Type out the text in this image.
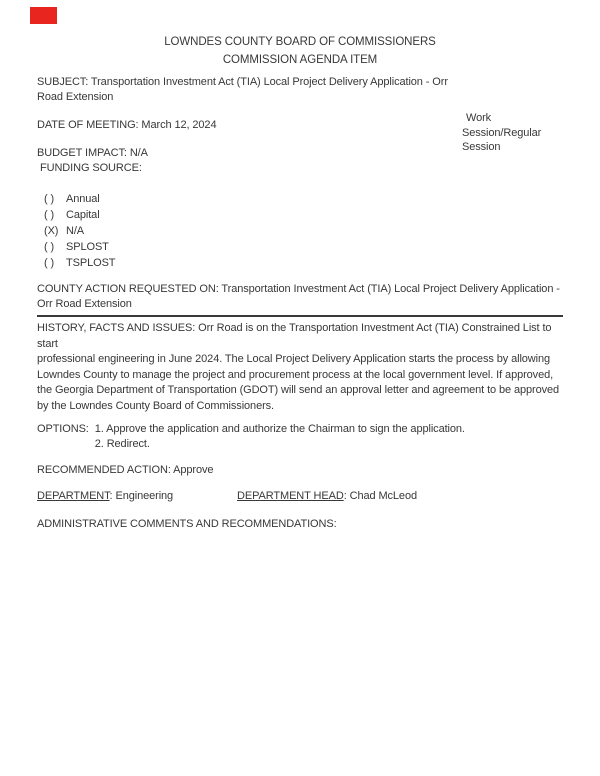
LOWNDES COUNTY BOARD OF COMMISSIONERS
COMMISSION AGENDA ITEM
Work
Session/Regular
Session
SUBJECT: Transportation Investment Act (TIA) Local Project Delivery Application - Orr
Road Extension
DATE OF MEETING: March 12, 2024
BUDGET IMPACT: N/A
FUNDING SOURCE:
( ) Annual
( ) Capital
(X) N/A
( ) SPLOST
( ) TSPLOST
COUNTY ACTION REQUESTED ON: Transportation Investment Act (TIA) Local Project Delivery Application -
Orr Road Extension
HISTORY, FACTS AND ISSUES: Orr Road is on the Transportation Investment Act (TIA) Constrained List to start
professional engineering in June 2024. The Local Project Delivery Application starts the process by allowing
Lowndes County to manage the project and procurement process at the local government level. If approved,
the Georgia Department of Transportation (GDOT) will send an approval letter and agreement to be approved
by the Lowndes County Board of Commissioners.
OPTIONS: 1. Approve the application and authorize the Chairman to sign the application.
2. Redirect.
RECOMMENDED ACTION: Approve
DEPARTMENT: Engineering	DEPARTMENT HEAD: Chad McLeod
ADMINISTRATIVE COMMENTS AND RECOMMENDATIONS:
